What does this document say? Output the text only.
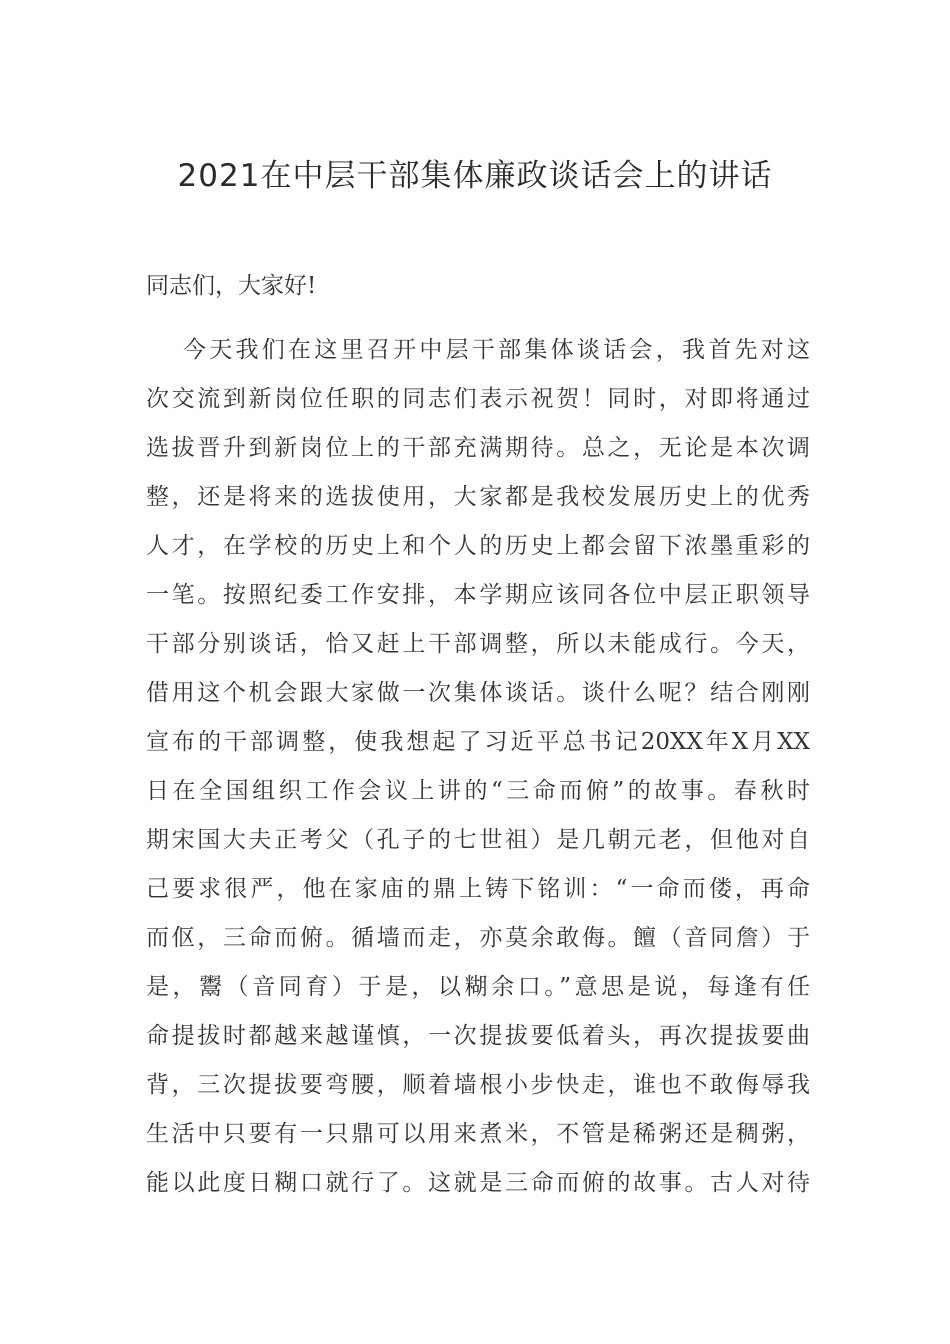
2021在中层干部集体廉政谈话会上的讲话

同志们，大家好!

今天我们在这里召开中层干部集体谈话会，我首先对这
次交流到新岗位任职的同志们表示祝贺！同时，对即将通过
选拔晋升到新岗位上的干部充满期待。总之，无论是本次调
整，还是将来的选拔使用，大家都是我校发展历史上的优秀
人才，在学校的历史上和个人的历史上都会留下浓墨重彩的
一笔。按照纪委工作安排，本学期应该同各位中层正职领导
干部分别谈话，恰又赶上干部调整，所以未能成行。今天，
借用这个机会跟大家做一次集体谈话。谈什么呢？结合刚刚
宣布的干部调整，使我想起了习近平总书记20XX年X月XX
日在全国组织工作会议上讲的“三命而俯”的故事。春秋时
期宋国大夫正考父（孔子的七世祖）是几朝元老，但他对自
己要求很严，他在家庙的鼎上铸下铭训：“一命而偻，再命
而伛，三命而俯。循墙而走，亦莫余敢侮。饘（音同詹）于
是，鬻（音同育）于是，以糊余口。”意思是说，每逢有任
命提拔时都越来越谨慎，一次提拔要低着头，再次提拔要曲
背，三次提拔要弯腰，顺着墙根小步快走，谁也不敢侮辱我
生活中只要有一只鼎可以用来煮米，不管是稀粥还是稠粥，
能以此度日糊口就行了。这就是三命而俯的故事。古人对待
